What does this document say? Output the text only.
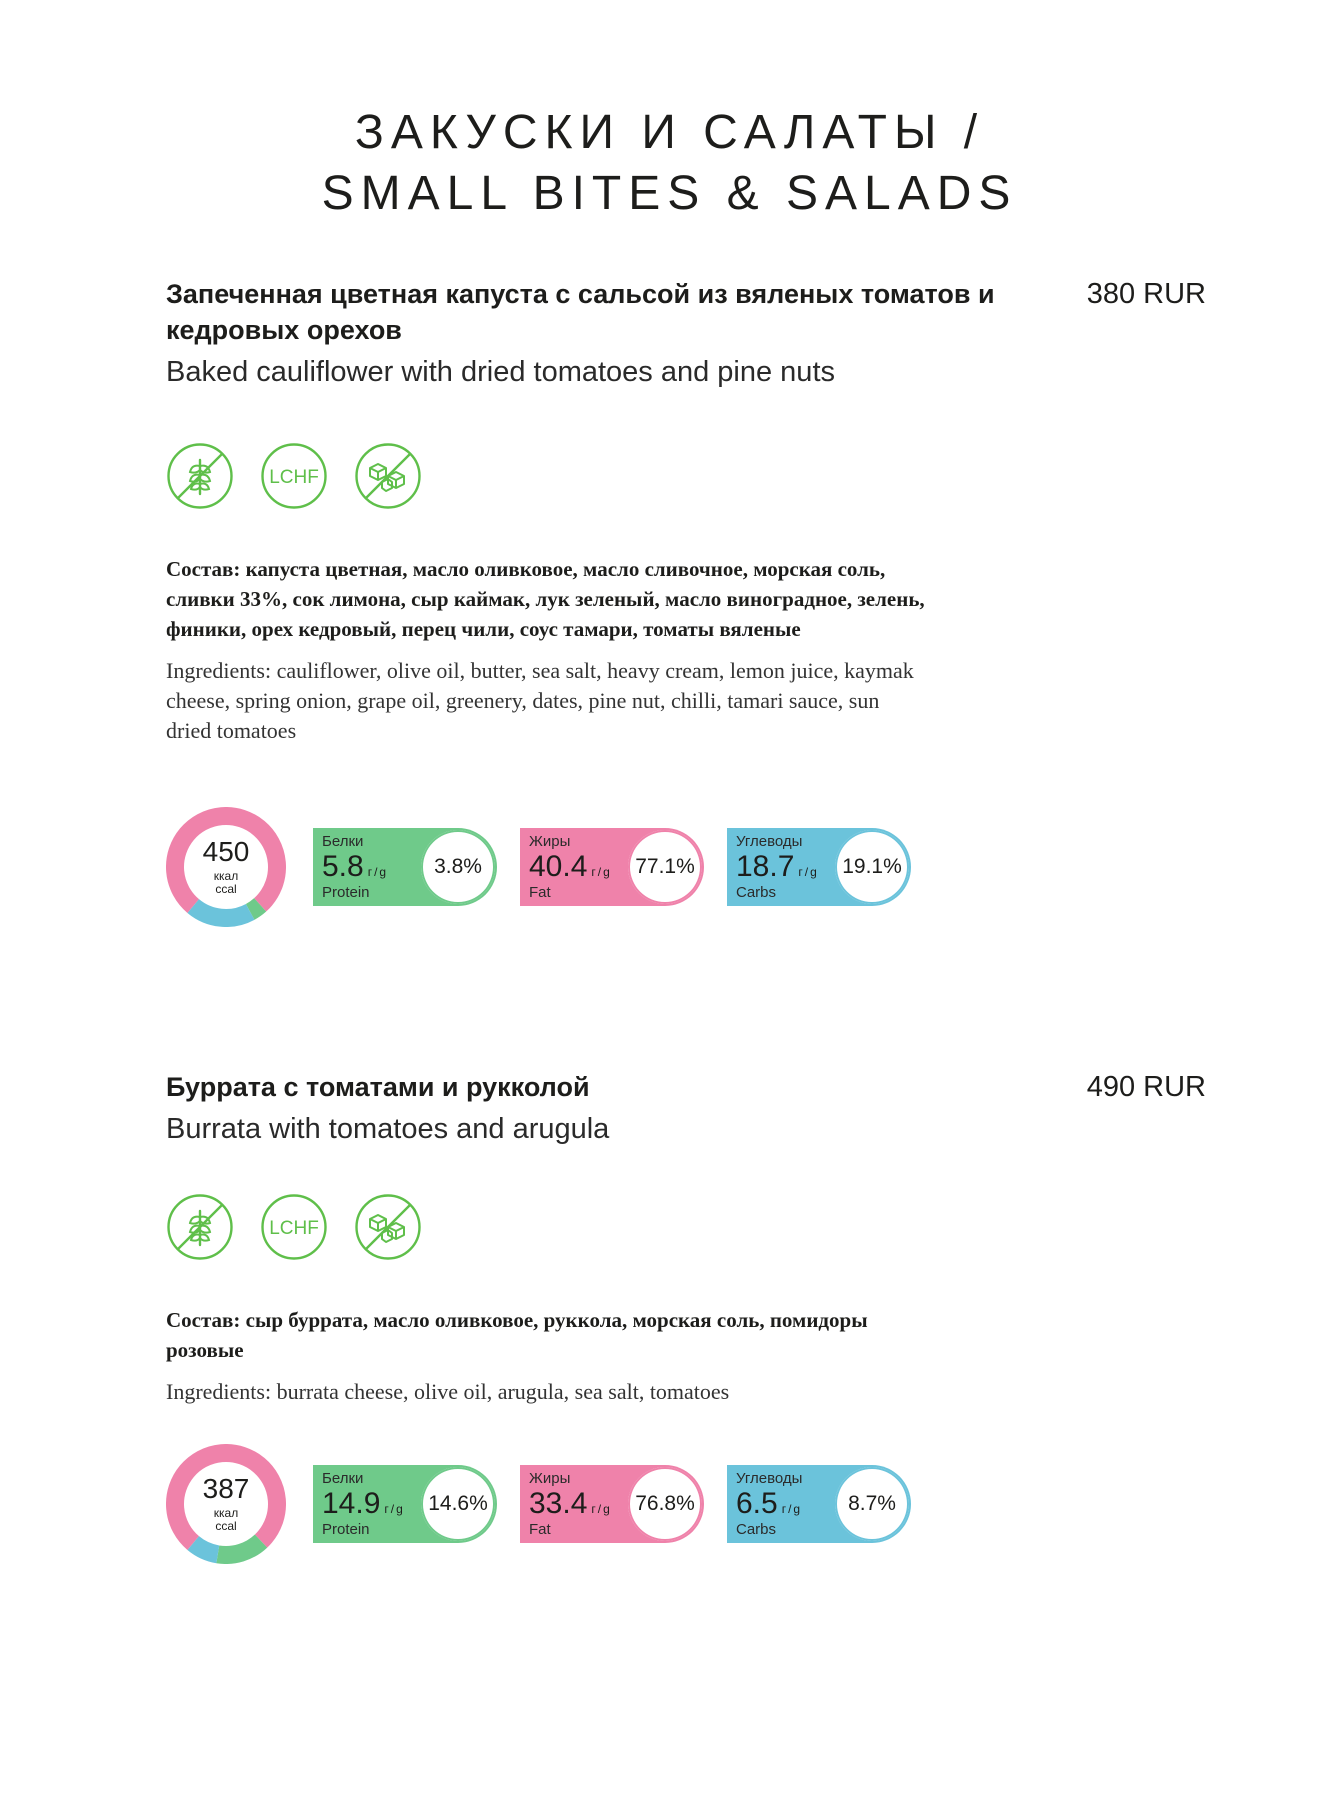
ЗАКУСКИ И САЛАТЫ /
SMALL BITES & SALADS
Запеченная цветная капуста с сальсой из вяленых томатов и кедровых орехов
Baked cauliflower with dried tomatoes and pine nuts
380 RUR
LCHF
Состав: капуста цветная, масло оливковое, масло сливочное, морская соль, сливки 33%, сок лимона, сыр каймак, лук зеленый, масло виноградное, зелень, финики, орех кедровый, перец чили, соус тамари, томаты вяленые
Ingredients: cauliflower, olive oil, butter, sea salt, heavy cream, lemon juice, kaymak cheese, spring onion, grape oil, greenery, dates, pine nut, chilli, tamari sauce, sun dried tomatoes
450
ккал
ccal
Белки
5.8 г/g
Protein
3.8%
Жиры
40.4 г/g
Fat
77.1%
Углеводы
18.7 г/g
Carbs
19.1%
Буррата с томатами и рукколой
Burrata with tomatoes and arugula
490 RUR
LCHF
Состав: сыр буррата, масло оливковое, руккола, морская соль, помидоры розовые
Ingredients: burrata cheese, olive oil, arugula, sea salt, tomatoes
387
ккал
ccal
Белки
14.9 г/g
Protein
14.6%
Жиры
33.4 г/g
Fat
76.8%
Углеводы
6.5 г/g
Carbs
8.7%
